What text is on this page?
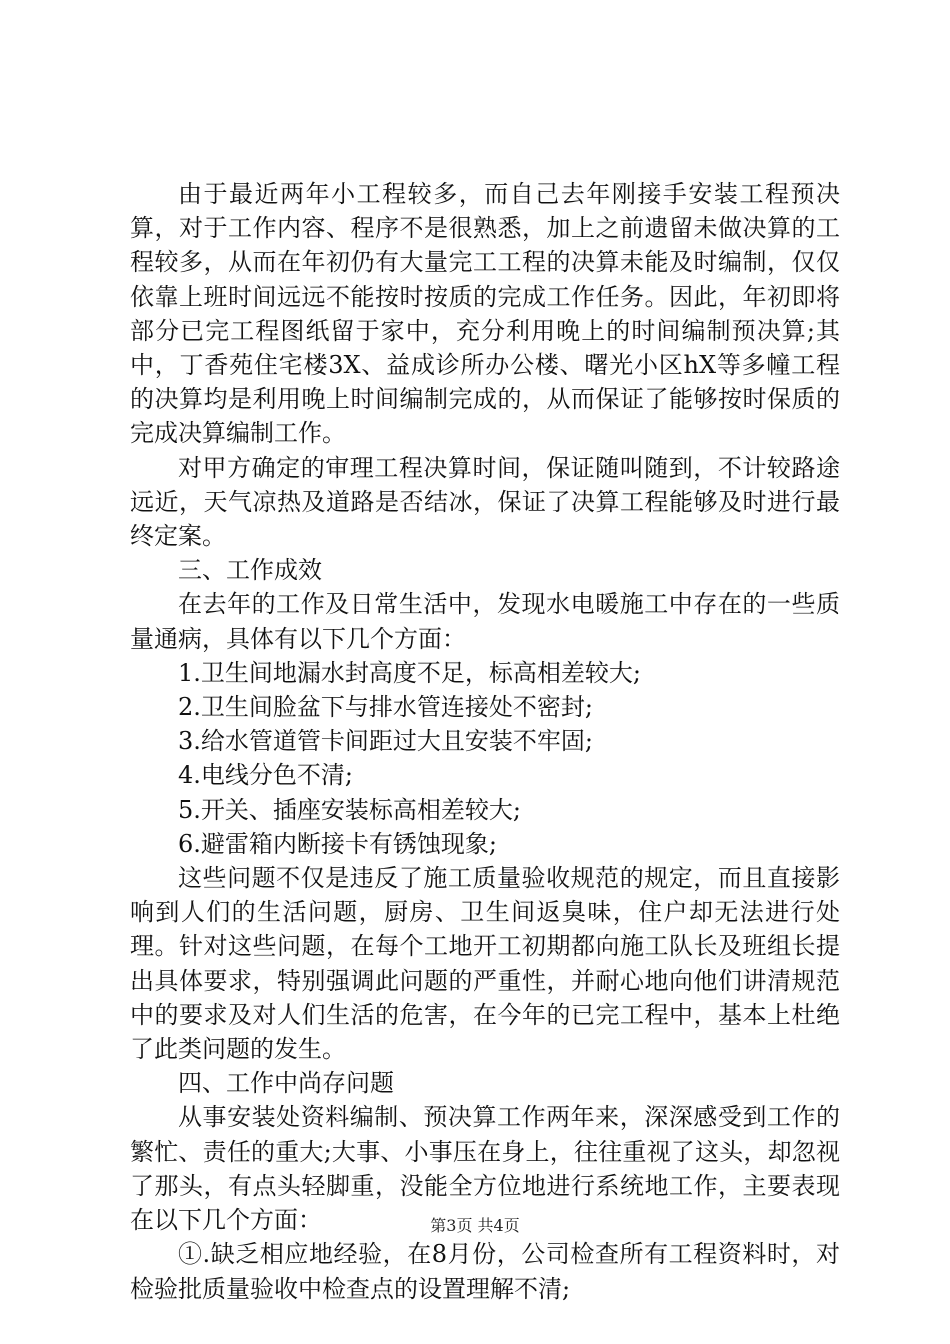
由于最近两年小工程较多，而自己去年刚接手安装工程预决算，对于工作内容、程序不是很熟悉，加上之前遗留未做决算的工程较多，从而在年初仍有大量完工工程的决算未能及时编制，仅仅依靠上班时间远远不能按时按质的完成工作任务。因此，年初即将部分已完工程图纸留于家中，充分利用晚上的时间编制预决算;其中，丁香苑住宅楼3X、益成诊所办公楼、曙光小区hX等多幢工程的决算均是利用晚上时间编制完成的，从而保证了能够按时保质的完成决算编制工作。

对甲方确定的审理工程决算时间，保证随叫随到，不计较路途远近，天气凉热及道路是否结冰，保证了决算工程能够及时进行最终定案。

三、工作成效

在去年的工作及日常生活中，发现水电暖施工中存在的一些质量通病，具体有以下几个方面：

1.卫生间地漏水封高度不足，标高相差较大;

2.卫生间脸盆下与排水管连接处不密封;

3.给水管道管卡间距过大且安装不牢固;

4.电线分色不清;

5.开关、插座安装标高相差较大;

6.避雷箱内断接卡有锈蚀现象;

这些问题不仅是违反了施工质量验收规范的规定，而且直接影响到人们的生活问题，厨房、卫生间返臭味，住户却无法进行处理。针对这些问题，在每个工地开工初期都向施工队长及班组长提出具体要求，特别强调此问题的严重性，并耐心地向他们讲清规范中的要求及对人们生活的危害，在今年的已完工程中，基本上杜绝了此类问题的发生。

四、工作中尚存问题

从事安装处资料编制、预决算工作两年来，深深感受到工作的繁忙、责任的重大;大事、小事压在身上，往往重视了这头，却忽视了那头，有点头轻脚重，没能全方位地进行系统地工作，主要表现在以下几个方面：

①.缺乏相应地经验，在8月份，公司检查所有工程资料时，对检验批质量验收中检查点的设置理解不清;

第3页 共4页
